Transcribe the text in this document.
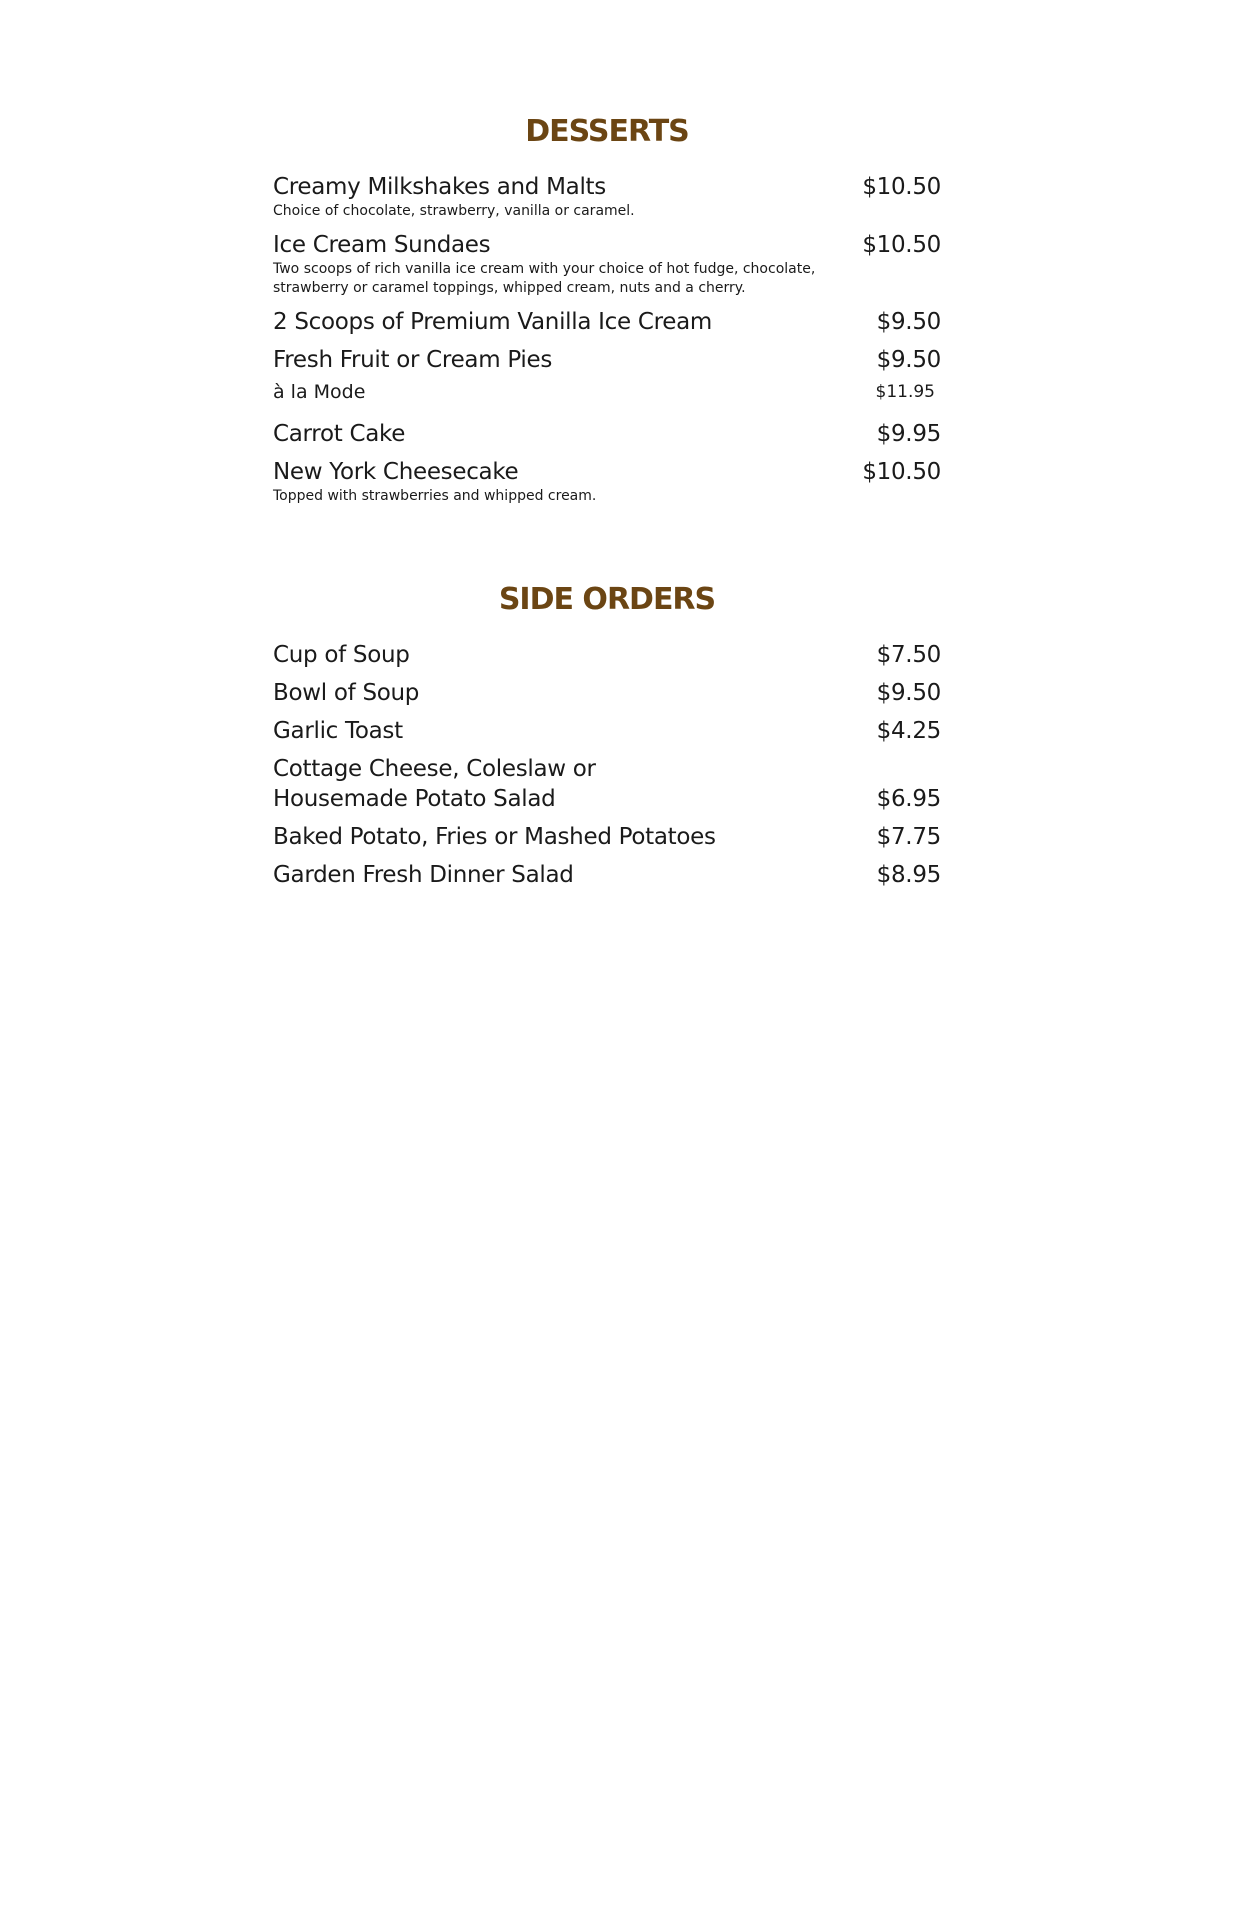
DESSERTS
Creamy Milkshakes and Malts	$10.50
Choice of chocolate, strawberry, vanilla or caramel.
Ice Cream Sundaes	$10.50
Two scoops of rich vanilla ice cream with your choice of hot fudge, chocolate, strawberry or caramel toppings, whipped cream, nuts and a cherry.
2 Scoops of Premium Vanilla Ice Cream	$9.50
Fresh Fruit or Cream Pies	$9.50
à la Mode	$11.95
Carrot Cake	$9.95
New York Cheesecake	$10.50
Topped with strawberries and whipped cream.
SIDE ORDERS
Cup of Soup	$7.50
Bowl of Soup	$9.50
Garlic Toast	$4.25
Cottage Cheese, Coleslaw or
Housemade Potato Salad	$6.95
Baked Potato, Fries or Mashed Potatoes	$7.75
Garden Fresh Dinner Salad	$8.95
